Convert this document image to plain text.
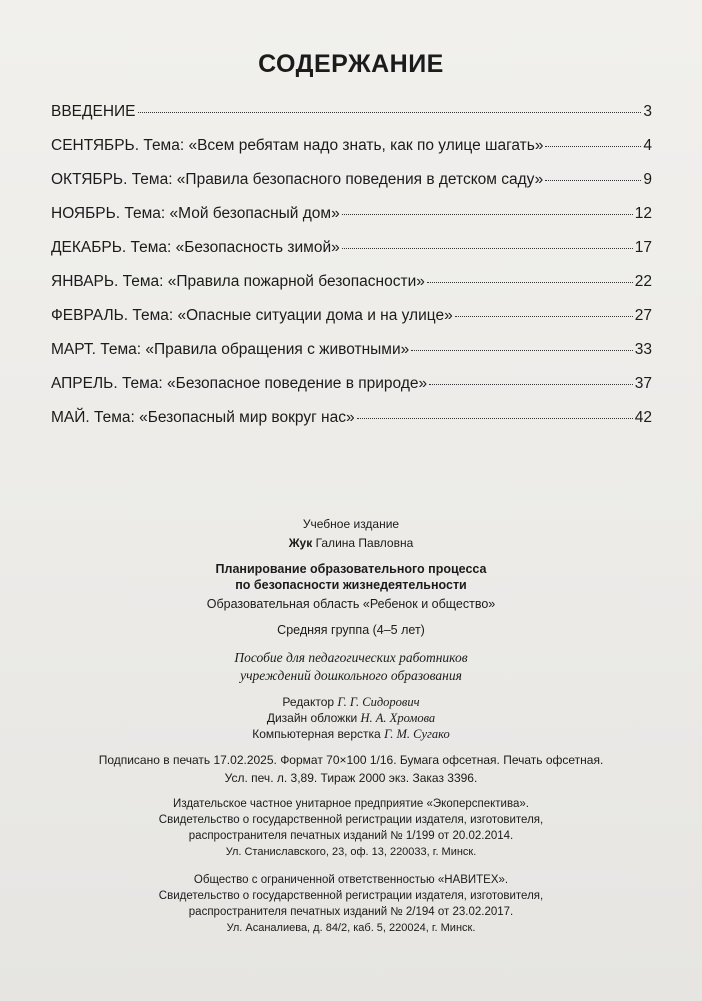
СОДЕРЖАНИЕ
ВВЕДЕНИЕ	3
СЕНТЯБРЬ. Тема: «Всем ребятам надо знать, как по улице шагать»	4
ОКТЯБРЬ. Тема: «Правила безопасного поведения в детском саду»	9
НОЯБРЬ. Тема: «Мой безопасный дом»	12
ДЕКАБРЬ. Тема: «Безопасность зимой»	17
ЯНВАРЬ. Тема: «Правила пожарной безопасности»	22
ФЕВРАЛЬ. Тема: «Опасные ситуации дома и на улице»	27
МАРТ. Тема: «Правила обращения с животными»	33
АПРЕЛЬ. Тема: «Безопасное поведение в природе»	37
МАЙ. Тема: «Безопасный мир вокруг нас»	42
Учебное издание
Жук Галина Павловна
Планирование образовательного процесса
по безопасности жизнедеятельности
Образовательная область «Ребенок и общество»
Средняя группа (4–5 лет)
Пособие для педагогических работников
учреждений дошкольного образования
Редактор Г. Г. Сидорович
Дизайн обложки Н. А. Хромова
Компьютерная верстка Г. М. Сугако
Подписано в печать 17.02.2025. Формат 70×100 1/16. Бумага офсетная. Печать офсетная.
Усл. печ. л. 3,89. Тираж 2000 экз. Заказ 3396.
Издательское частное унитарное предприятие «Экоперспектива».
Свидетельство о государственной регистрации издателя, изготовителя,
распространителя печатных изданий № 1/199 от 20.02.2014.
Ул. Станиславского, 23, оф. 13, 220033, г. Минск.
Общество с ограниченной ответственностью «НАВИТЕХ».
Свидетельство о государственной регистрации издателя, изготовителя,
распространителя печатных изданий № 2/194 от 23.02.2017.
Ул. Асаналиева, д. 84/2, каб. 5, 220024, г. Минск.
